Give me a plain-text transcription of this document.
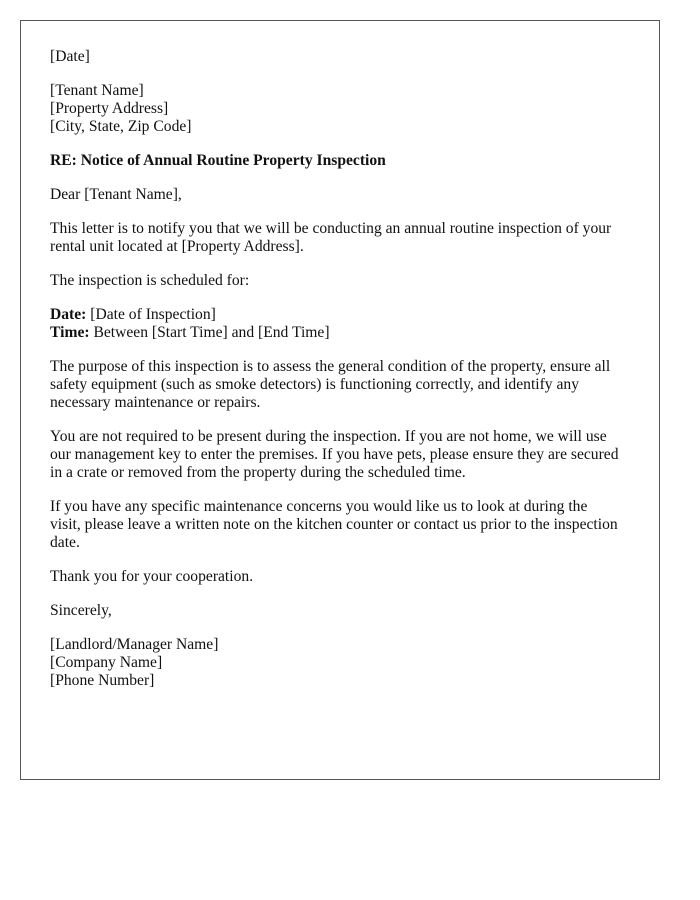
[Date]
[Tenant Name]
[Property Address]
[City, State, Zip Code]
RE: Notice of Annual Routine Property Inspection
Dear [Tenant Name],
This letter is to notify you that we will be conducting an annual routine inspection of your
rental unit located at [Property Address].
The inspection is scheduled for:
Date: [Date of Inspection]
Time: Between [Start Time] and [End Time]
The purpose of this inspection is to assess the general condition of the property, ensure all
safety equipment (such as smoke detectors) is functioning correctly, and identify any
necessary maintenance or repairs.
You are not required to be present during the inspection. If you are not home, we will use
our management key to enter the premises. If you have pets, please ensure they are secured
in a crate or removed from the property during the scheduled time.
If you have any specific maintenance concerns you would like us to look at during the
visit, please leave a written note on the kitchen counter or contact us prior to the inspection
date.
Thank you for your cooperation.
Sincerely,
[Landlord/Manager Name]
[Company Name]
[Phone Number]
